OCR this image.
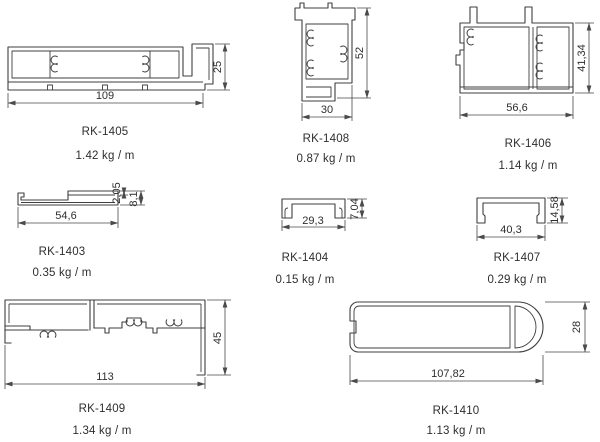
109
25
RK-1405
1.42 kg / m
30
52
RK-1408
0.87 kg / m
56,6
41,34
RK-1406
1.14 kg / m
54,6
2,05 8,1
RK-1403
0.35 kg / m
29,3
7,04
RK-1404
0.15 kg / m
40,3
14,58
RK-1407
0.29 kg / m
113
45
RK-1409
1.34 kg / m
107,82
28
RK-1410
1.13 kg / m
